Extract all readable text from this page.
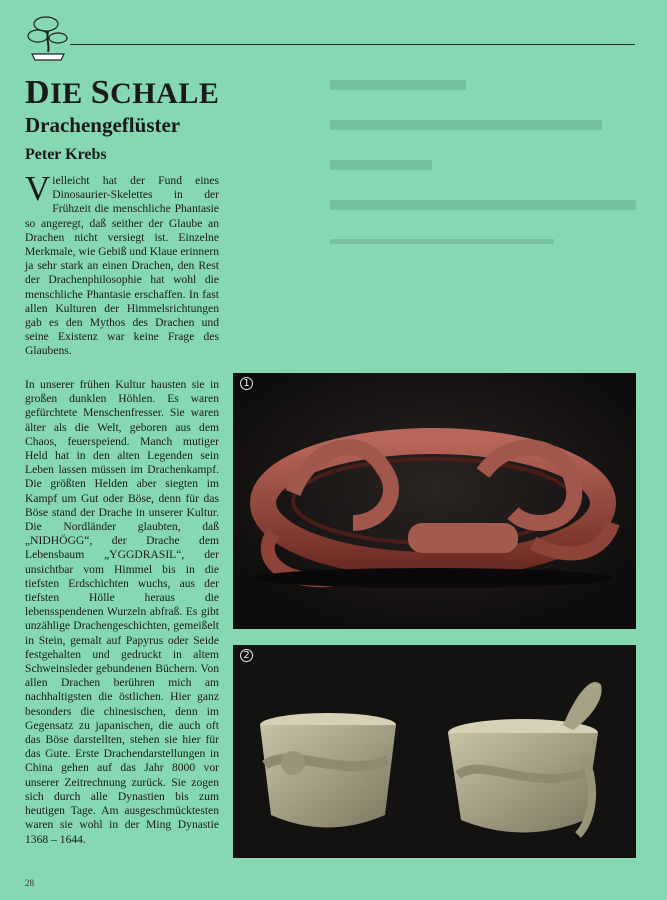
▬▬▬▬ ▬▬▬▬▬▬▬▬
▬▬▬ ▬▬▬▬▬▬▬▬▬
▬▬▬▬▬▬▬▬▬▬▬▬▬▬
DIE SCHALE
Drachengeflüster
Peter Krebs

Vielleicht hat der Fund eines Dinosaurier-Skelettes in der Frühzeit die menschliche Phantasie so angeregt, daß seither der Glaube an Drachen nicht versiegt ist. Einzelne Merkmale, wie Gebiß und Klaue erinnern ja sehr stark an einen Drachen, den Rest der Drachenphilosophie hat wohl die menschliche Phantasie erschaffen. In fast allen Kulturen der Himmelsrichtungen gab es den Mythos des Drachen und seine Existenz war keine Frage des Glaubens.

In unserer frühen Kultur hausten sie in großen dunklen Höhlen. Es waren gefürchtete Menschenfresser. Sie waren älter als die Welt, geboren aus dem Chaos, feuerspeiend. Manch mutiger Held hat in den alten Legenden sein Leben lassen müssen im Drachenkampf. Die größten Helden aber siegten im Kampf um Gut oder Böse, denn für das Böse stand der Drache in unserer Kultur. Die Nordländer glaubten, daß „NIDHÖGG“, der Drache dem Lebensbaum „YGGDRASIL“, der unsichtbar vom Himmel bis in die tiefsten Erdschichten wuchs, aus der tiefsten Hölle heraus die lebensspendenen Wurzeln abfraß. Es gibt unzählige Drachengeschichten, gemeißelt in Stein, gemalt auf Papyrus oder Seide festgehalten und gedruckt in altem Schweinsleder gebundenen Büchern. Von allen Drachen berühren mich am nachhaltigsten die östlichen. Hier ganz besonders die chinesischen, denn im Gegensatz zu japanischen, die auch oft das Böse darstellten, stehen sie hier für das Gute. Erste Drachendarstellungen in China gehen auf das Jahr 8000 vor unserer Zeitrechnung zurück. Sie zogen sich durch alle Dynastien bis zum heutigen Tage. Am ausgeschmücktesten waren sie wohl in der Ming Dynastie 1368 – 1644.

1
2
28
